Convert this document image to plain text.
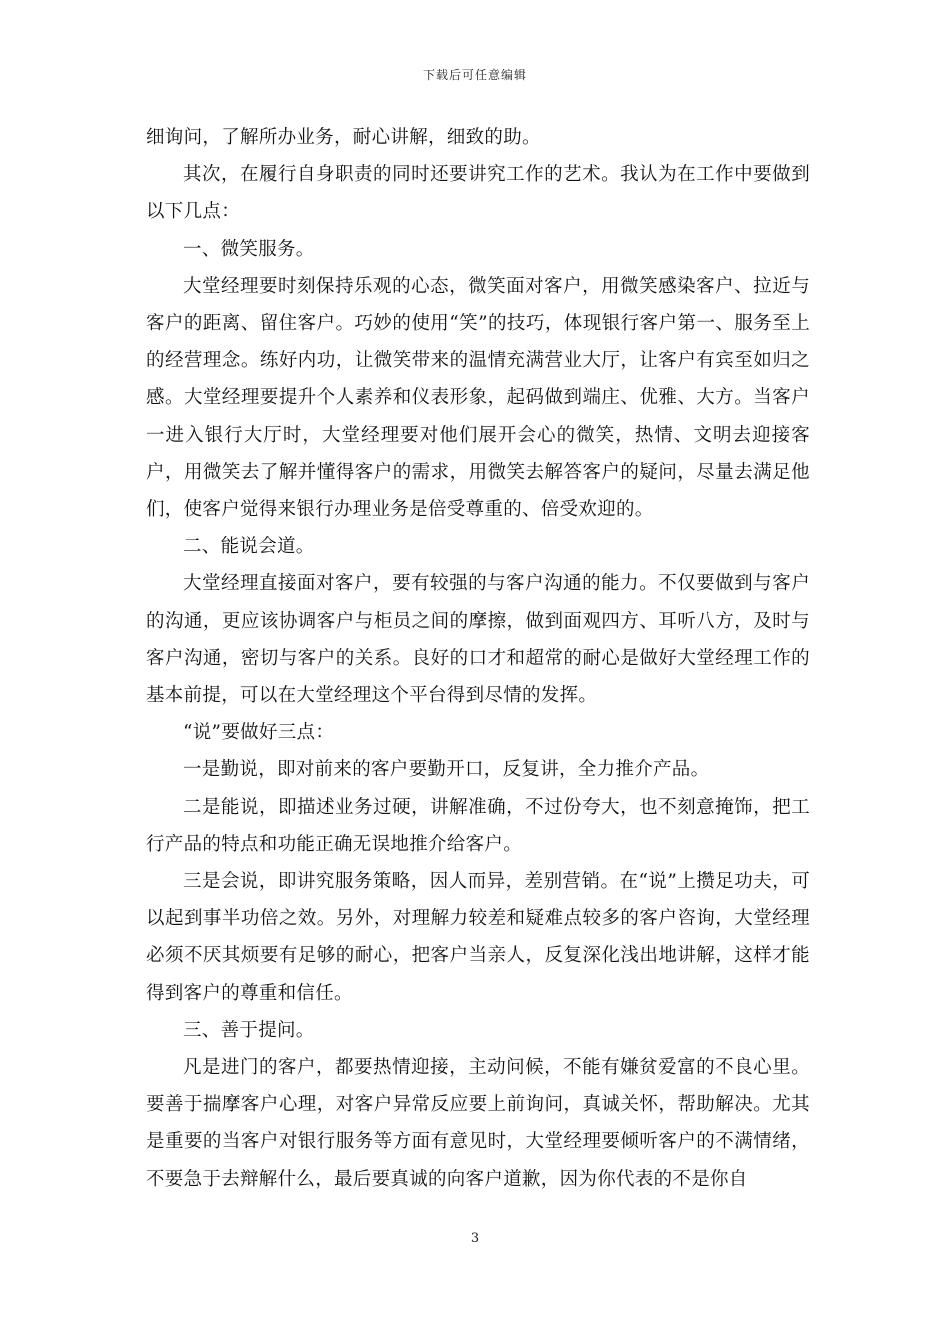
下载后可任意编辑

细询问，了解所办业务，耐心讲解，细致的助。

其次，在履行自身职责的同时还要讲究工作的艺术。我认为在工作中要做到以下几点：

一、微笑服务。

大堂经理要时刻保持乐观的心态，微笑面对客户，用微笑感染客户、拉近与客户的距离、留住客户。巧妙的使用“笑”的技巧，体现银行客户第一、服务至上的经营理念。练好内功，让微笑带来的温情充满营业大厅，让客户有宾至如归之感。大堂经理要提升个人素养和仪表形象，起码做到端庄、优雅、大方。当客户一进入银行大厅时，大堂经理要对他们展开会心的微笑，热情、文明去迎接客户，用微笑去了解并懂得客户的需求，用微笑去解答客户的疑问，尽量去满足他们，使客户觉得来银行办理业务是倍受尊重的、倍受欢迎的。

二、能说会道。

大堂经理直接面对客户，要有较强的与客户沟通的能力。不仅要做到与客户的沟通，更应该协调客户与柜员之间的摩擦，做到面观四方、耳听八方，及时与客户沟通，密切与客户的关系。良好的口才和超常的耐心是做好大堂经理工作的基本前提，可以在大堂经理这个平台得到尽情的发挥。

“说”要做好三点：

一是勤说，即对前来的客户要勤开口，反复讲，全力推介产品。

二是能说，即描述业务过硬，讲解准确，不过份夸大，也不刻意掩饰，把工行产品的特点和功能正确无误地推介给客户。

三是会说，即讲究服务策略，因人而异，差别营销。在“说”上攒足功夫，可以起到事半功倍之效。另外，对理解力较差和疑难点较多的客户咨询，大堂经理必须不厌其烦要有足够的耐心，把客户当亲人，反复深化浅出地讲解，这样才能得到客户的尊重和信任。

三、善于提问。

凡是进门的客户，都要热情迎接，主动问候，不能有嫌贫爱富的不良心里。要善于揣摩客户心理，对客户异常反应要上前询问，真诚关怀，帮助解决。尤其是重要的当客户对银行服务等方面有意见时，大堂经理要倾听客户的不满情绪，不要急于去辩解什么，最后要真诚的向客户道歉，因为你代表的不是你自

3
